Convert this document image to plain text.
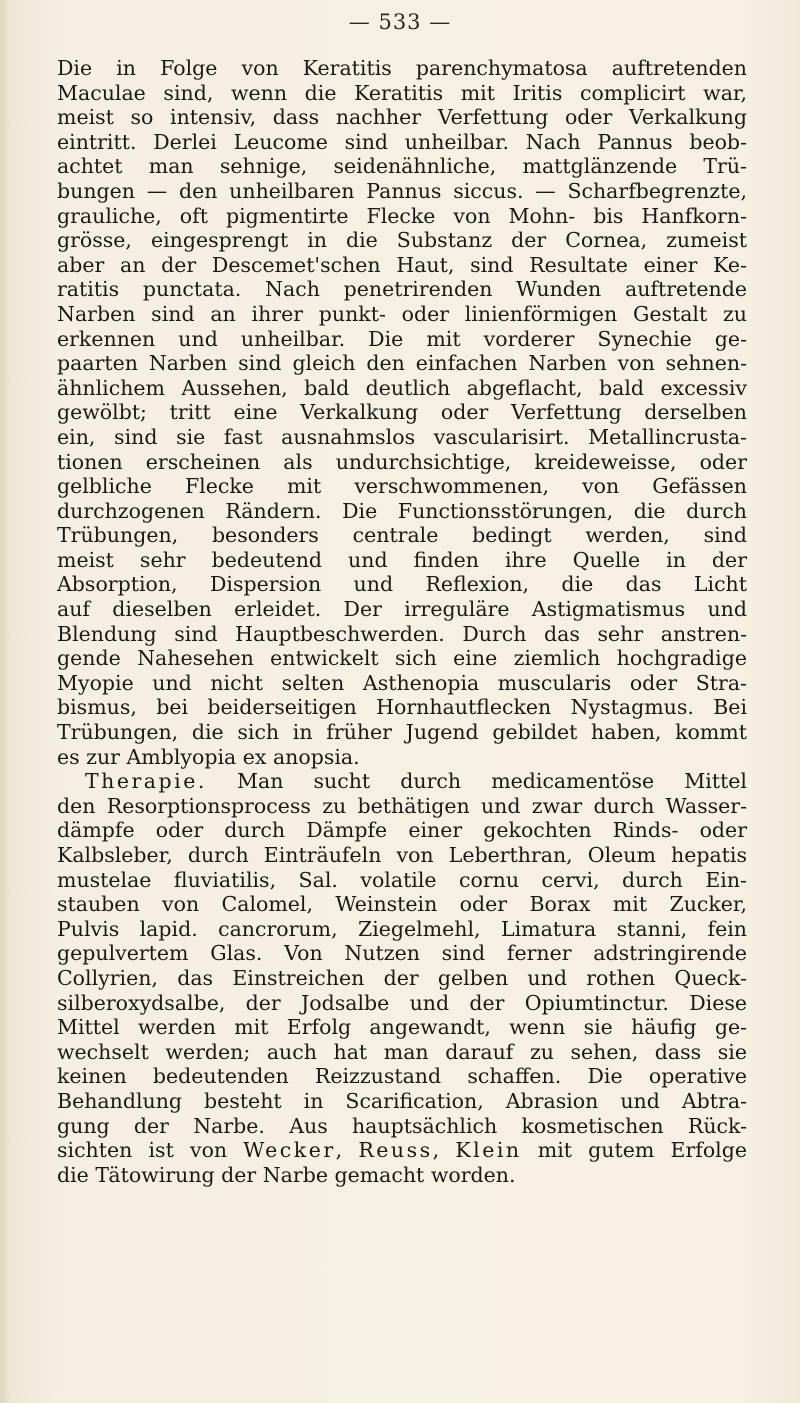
— 533 —
Die in Folge von Keratitis parenchymatosa auftretenden
Maculae sind, wenn die Keratitis mit Iritis complicirt war,
meist so intensiv, dass nachher Verfettung oder Verkalkung
eintritt. Derlei Leucome sind unheilbar. Nach Pannus beob-
achtet man sehnige, seidenähnliche, mattglänzende Trü-
bungen — den unheilbaren Pannus siccus. — Scharfbegrenzte,
grauliche, oft pigmentirte Flecke von Mohn- bis Hanfkorn-
grösse, eingesprengt in die Substanz der Cornea, zumeist
aber an der Descemet'schen Haut, sind Resultate einer Ke-
ratitis punctata. Nach penetrirenden Wunden auftretende
Narben sind an ihrer punkt- oder linienförmigen Gestalt zu
erkennen und unheilbar. Die mit vorderer Synechie ge-
paarten Narben sind gleich den einfachen Narben von sehnen-
ähnlichem Aussehen, bald deutlich abgeflacht, bald excessiv
gewölbt; tritt eine Verkalkung oder Verfettung derselben
ein, sind sie fast ausnahmslos vascularisirt. Metallincrusta-
tionen erscheinen als undurchsichtige, kreideweisse, oder
gelbliche Flecke mit verschwommenen, von Gefässen
durchzogenen Rändern. Die Functionsstörungen, die durch
Trübungen, besonders centrale bedingt werden, sind
meist sehr bedeutend und finden ihre Quelle in der
Absorption, Dispersion und Reflexion, die das Licht
auf dieselben erleidet. Der irreguläre Astigmatismus und
Blendung sind Hauptbeschwerden. Durch das sehr anstren-
gende Nahesehen entwickelt sich eine ziemlich hochgradige
Myopie und nicht selten Asthenopia muscularis oder Stra-
bismus, bei beiderseitigen Hornhautflecken Nystagmus. Bei
Trübungen, die sich in früher Jugend gebildet haben, kommt
es zur Amblyopia ex anopsia.
Therapie. Man sucht durch medicamentöse Mittel
den Resorptionsprocess zu bethätigen und zwar durch Wasser-
dämpfe oder durch Dämpfe einer gekochten Rinds- oder
Kalbsleber, durch Einträufeln von Leberthran, Oleum hepatis
mustelae fluviatilis, Sal. volatile cornu cervi, durch Ein-
stauben von Calomel, Weinstein oder Borax mit Zucker,
Pulvis lapid. cancrorum, Ziegelmehl, Limatura stanni, fein
gepulvertem Glas. Von Nutzen sind ferner adstringirende
Collyrien, das Einstreichen der gelben und rothen Queck-
silberoxydsalbe, der Jodsalbe und der Opiumtinctur. Diese
Mittel werden mit Erfolg angewandt, wenn sie häufig ge-
wechselt werden; auch hat man darauf zu sehen, dass sie
keinen bedeutenden Reizzustand schaffen. Die operative
Behandlung besteht in Scarification, Abrasion und Abtra-
gung der Narbe. Aus hauptsächlich kosmetischen Rück-
sichten ist von Wecker, Reuss, Klein mit gutem Erfolge
die Tätowirung der Narbe gemacht worden.
